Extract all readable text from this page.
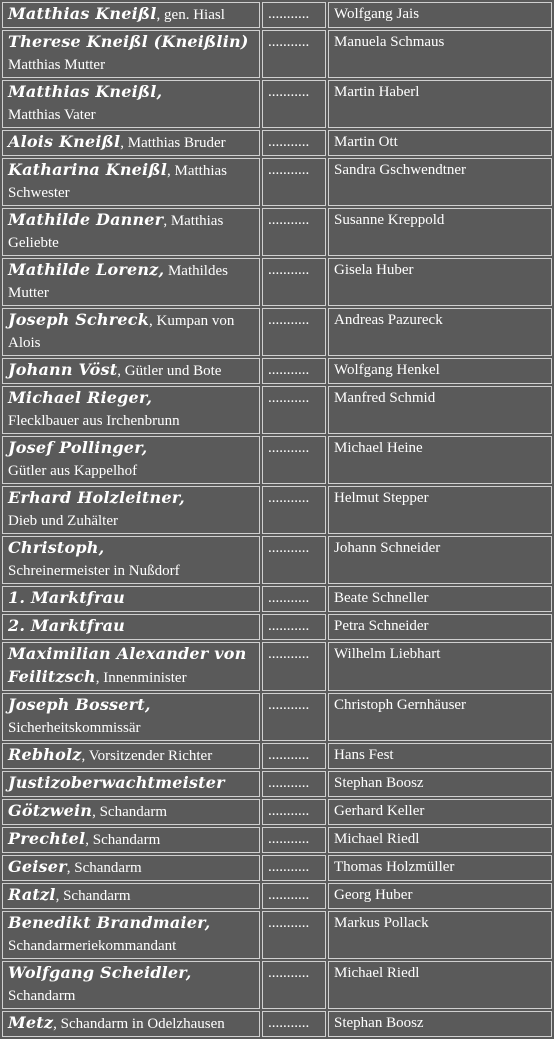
Matthias Kneißl, gen. Hiasl	...........	Wolfgang Jais
Therese Kneißl (Kneißlin)
Matthias Mutter	...........	Manuela Schmaus
Matthias Kneißl,
Matthias Vater	...........	Martin Haberl
Alois Kneißl, Matthias Bruder	...........	Martin Ott
Katharina Kneißl, Matthias Schwester	...........	Sandra Gschwendtner
Mathilde Danner, Matthias Geliebte	...........	Susanne Kreppold
Mathilde Lorenz, Mathildes Mutter	...........	Gisela Huber
Joseph Schreck, Kumpan von Alois	...........	Andreas Pazureck
Johann Vöst, Gütler und Bote	...........	Wolfgang Henkel
Michael Rieger,
Flecklbauer aus Irchenbrunn	...........	Manfred Schmid
Josef Pollinger,
Gütler aus Kappelhof	...........	Michael Heine
Erhard Holzleitner,
Dieb und Zuhälter	...........	Helmut Stepper
Christoph,
Schreinermeister in Nußdorf	...........	Johann Schneider
1. Marktfrau	...........	Beate Schneller
2. Marktfrau	...........	Petra Schneider
Maximilian Alexander von Feilitzsch, Innenminister	...........	Wilhelm Liebhart
Joseph Bossert,
Sicherheitskommissär	...........	Christoph Gernhäuser
Rebholz, Vorsitzender Richter	...........	Hans Fest
Justizoberwachtmeister	...........	Stephan Boosz
Götzwein, Schandarm	...........	Gerhard Keller
Prechtel, Schandarm	...........	Michael Riedl
Geiser, Schandarm	...........	Thomas Holzmüller
Ratzl, Schandarm	...........	Georg Huber
Benedikt Brandmaier,
Schandarmeriekommandant	...........	Markus Pollack
Wolfgang Scheidler,
Schandarm	...........	Michael Riedl
Metz, Schandarm in Odelzhausen	...........	Stephan Boosz
